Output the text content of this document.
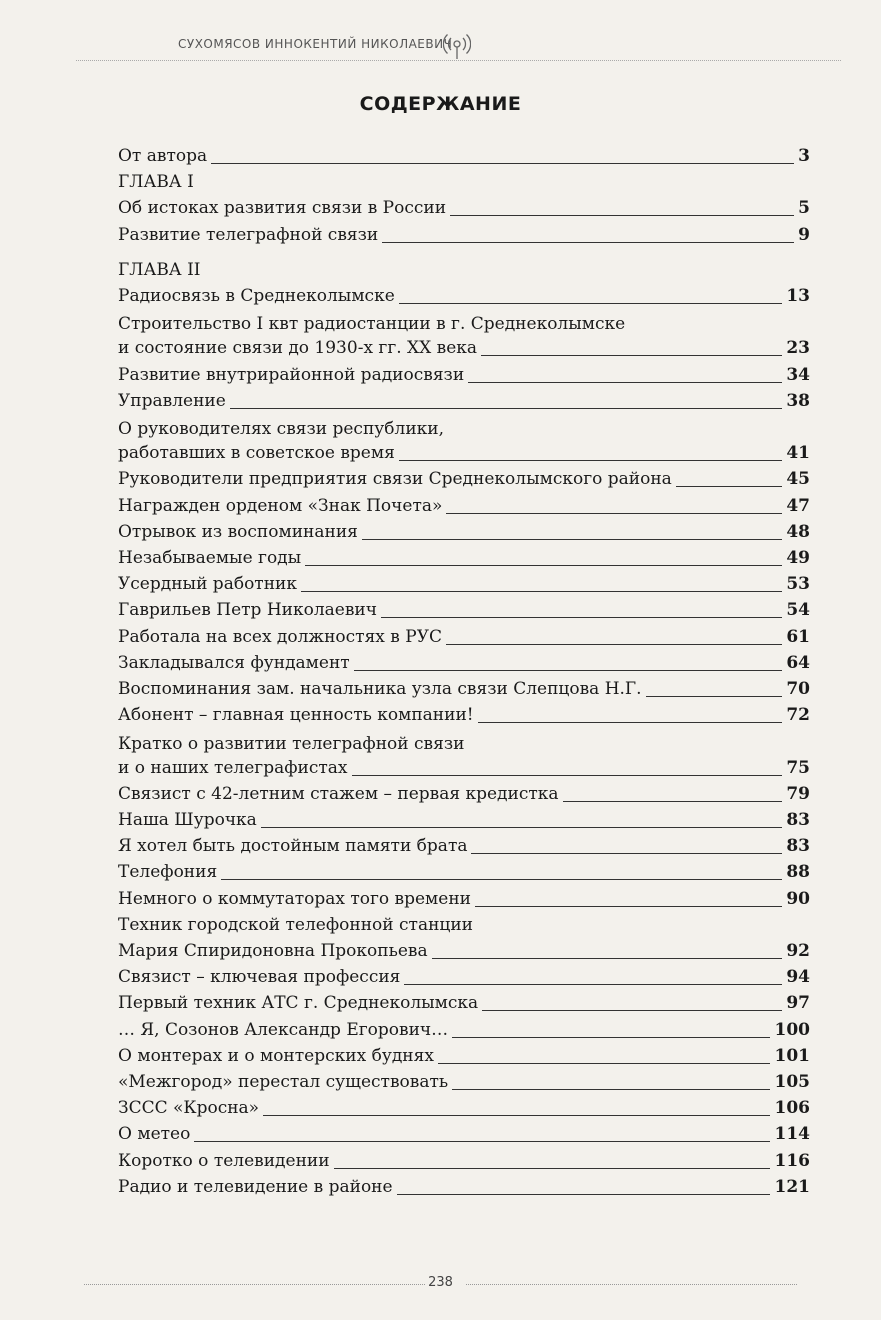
СУХОМЯСОВ ИННОКЕНТИЙ НИКОЛАЕВИЧ
СОДЕРЖАНИЕ
От автора	3
ГЛАВА I
Об истоках развития связи в России	5
Развитие телеграфной связи	9
ГЛАВА II
Радиосвязь в Среднеколымске	13
Строительство I квт радиостанции в г. Среднеколымске
и состояние связи до 1930-х гг. XX века	23
Развитие внутрирайонной радиосвязи	34
Управление	38
О руководителях связи республики,
работавших в советское время	41
Руководители предприятия связи Среднеколымского района	45
Награжден орденом «Знак Почета»	47
Отрывок из воспоминания	48
Незабываемые годы	49
Усердный работник	53
Гаврильев Петр Николаевич	54
Работала на всех должностях в РУС	61
Закладывался фундамент	64
Воспоминания зам. начальника узла связи Слепцова Н.Г.	70
Абонент – главная ценность компании!	72
Кратко о развитии телеграфной связи
и о наших телеграфистах	75
Связист с 42-летним стажем – первая кредистка	79
Наша Шурочка	83
Я хотел быть достойным памяти брата	83
Телефония	88
Немного о коммутаторах того времени	90
Техник городской телефонной станции
Мария Спиридоновна Прокопьева	92
Связист – ключевая профессия	94
Первый техник АТС г. Среднеколымска	97
… Я, Созонов Александр Егорович…	100
О монтерах и о монтерских буднях	101
«Межгород» перестал существовать	105
ЗССС «Кросна»	106
О метео	114
Коротко о телевидении	116
Радио и телевидение в районе	121
238
